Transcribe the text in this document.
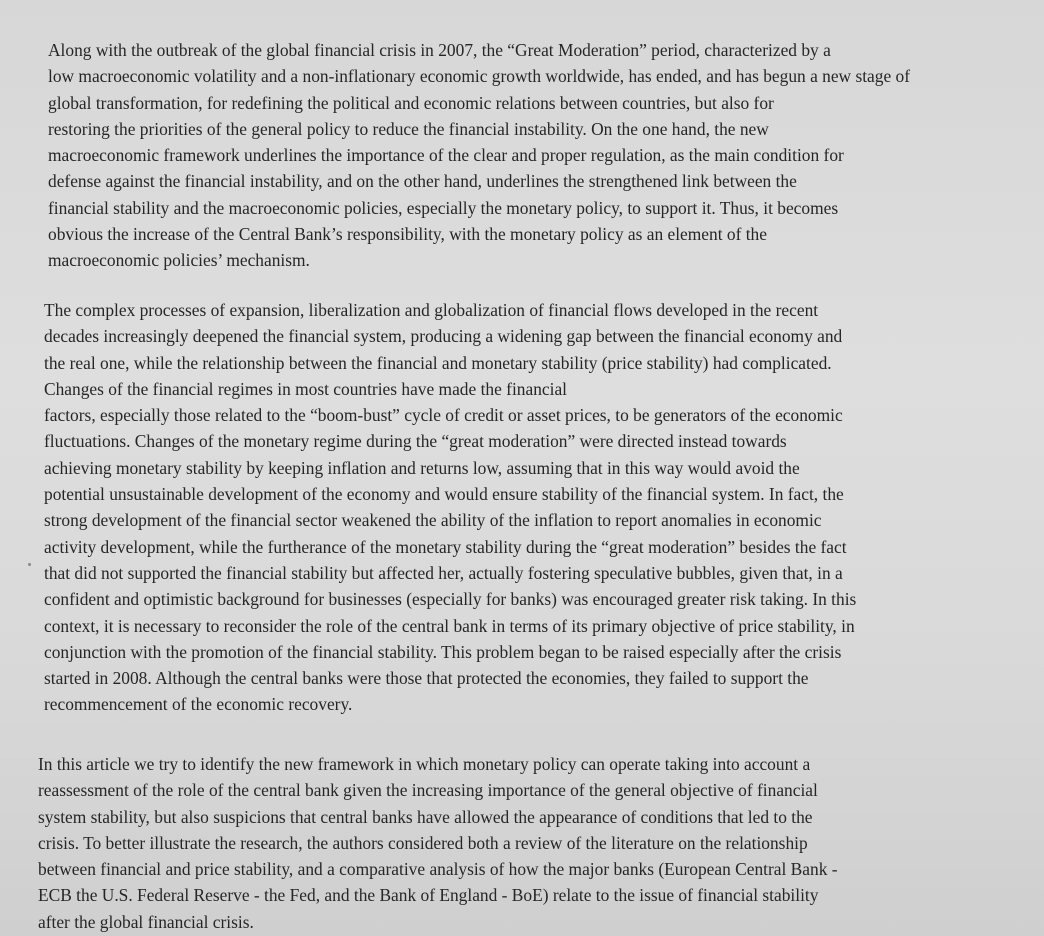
Along with the outbreak of the global financial crisis in 2007, the “Great Moderation” period, characterized by a
low macroeconomic volatility and a non-inflationary economic growth worldwide, has ended, and has begun a new stage of
global transformation, for redefining the political and economic relations between countries, but also for
restoring the priorities of the general policy to reduce the financial instability. On the one hand, the new
macroeconomic framework underlines the importance of the clear and proper regulation, as the main condition for
defense against the financial instability, and on the other hand, underlines the strengthened link between the
financial stability and the macroeconomic policies, especially the monetary policy, to support it. Thus, it becomes
obvious the increase of the Central Bank’s responsibility, with the monetary policy as an element of the
macroeconomic policies’ mechanism.
The complex processes of expansion, liberalization and globalization of financial flows developed in the recent
decades increasingly deepened the financial system, producing a widening gap between the financial economy and
the real one, while the relationship between the financial and monetary stability (price stability) had complicated.
Changes of the financial regimes in most countries have made the financial
factors, especially those related to the “boom-bust” cycle of credit or asset prices, to be generators of the economic
fluctuations. Changes of the monetary regime during the “great moderation” were directed instead towards
achieving monetary stability by keeping inflation and returns low, assuming that in this way would avoid the
potential unsustainable development of the economy and would ensure stability of the financial system. In fact, the
strong development of the financial sector weakened the ability of the inflation to report anomalies in economic
activity development, while the furtherance of the monetary stability during the “great moderation” besides the fact
that did not supported the financial stability but affected her, actually fostering speculative bubbles, given that, in a
confident and optimistic background for businesses (especially for banks) was encouraged greater risk taking. In this
context, it is necessary to reconsider the role of the central bank in terms of its primary objective of price stability, in
conjunction with the promotion of the financial stability. This problem began to be raised especially after the crisis
started in 2008. Although the central banks were those that protected the economies, they failed to support the
recommencement of the economic recovery.
In this article we try to identify the new framework in which monetary policy can operate taking into account a
reassessment of the role of the central bank given the increasing importance of the general objective of financial
system stability, but also suspicions that central banks have allowed the appearance of conditions that led to the
crisis. To better illustrate the research, the authors considered both a review of the literature on the relationship
between financial and price stability, and a comparative analysis of how the major banks (European Central Bank -
ECB the U.S. Federal Reserve - the Fed, and the Bank of England - BoE) relate to the issue of financial stability
after the global financial crisis.
